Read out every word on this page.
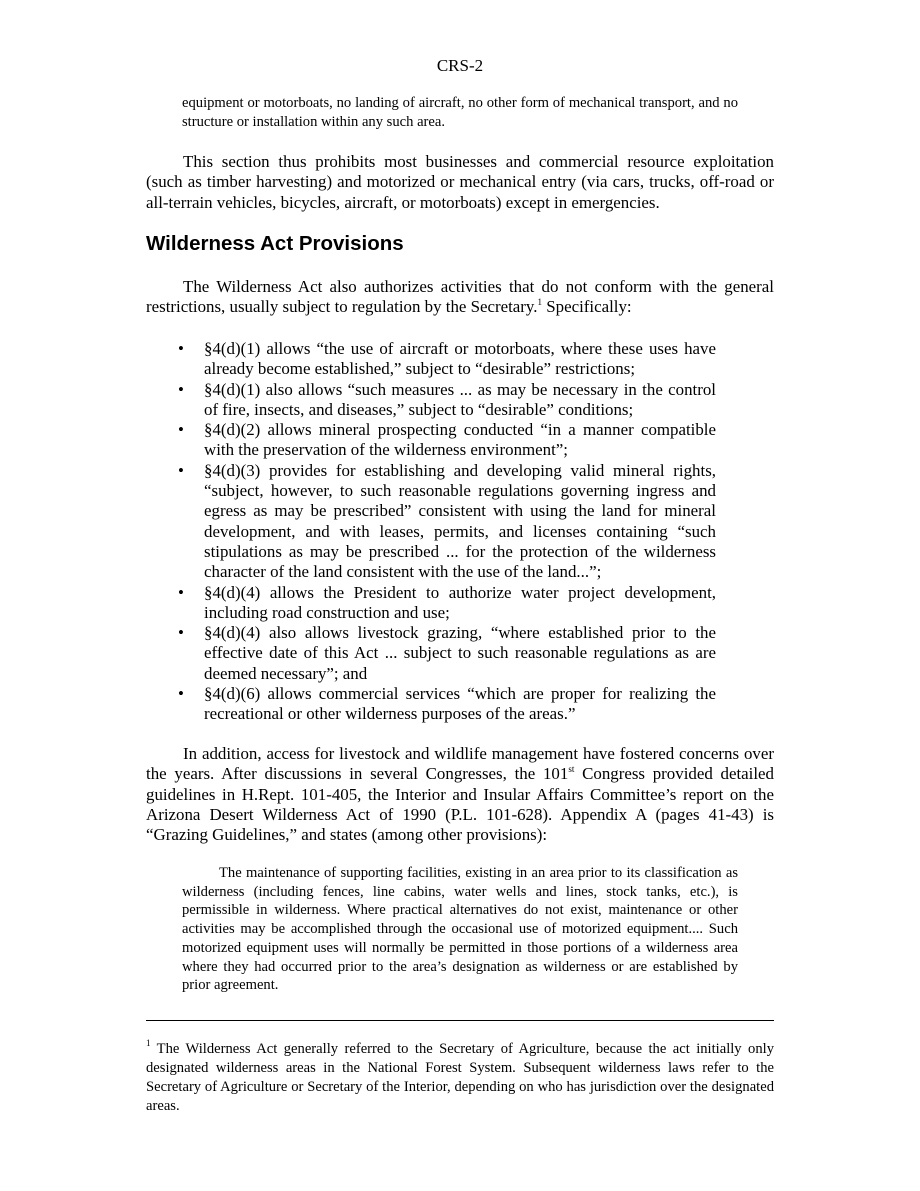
CRS-2
equipment or motorboats, no landing of aircraft, no other form of mechanical transport, and no structure or installation within any such area.

This section thus prohibits most businesses and commercial resource exploitation (such as timber harvesting) and motorized or mechanical entry (via cars, trucks, off-road or all-terrain vehicles, bicycles, aircraft, or motorboats) except in emergencies.

Wilderness Act Provisions

The Wilderness Act also authorizes activities that do not conform with the general restrictions, usually subject to regulation by the Secretary.$^1$ Specifically:

• §4(d)(1) allows “the use of aircraft or motorboats, where these uses have already become established,” subject to “desirable” restrictions;
• §4(d)(1) also allows “such measures ... as may be necessary in the control of fire, insects, and diseases,” subject to “desirable” conditions;
• §4(d)(2) allows mineral prospecting conducted “in a manner compatible with the preservation of the wilderness environment”;
• §4(d)(3) provides for establishing and developing valid mineral rights, “subject, however, to such reasonable regulations governing ingress and egress as may be prescribed” consistent with using the land for mineral development, and with leases, permits, and licenses containing “such stipulations as may be prescribed ... for the protection of the wilderness character of the land consistent with the use of the land...”;
• §4(d)(4) allows the President to authorize water project development, including road construction and use;
• §4(d)(4) also allows livestock grazing, “where established prior to the effective date of this Act ... subject to such reasonable regulations as are deemed necessary”; and
• §4(d)(6) allows commercial services “which are proper for realizing the recreational or other wilderness purposes of the areas.”

In addition, access for livestock and wildlife management have fostered concerns over the years. After discussions in several Congresses, the 101st Congress provided detailed guidelines in H.Rept. 101-405, the Interior and Insular Affairs Committee’s report on the Arizona Desert Wilderness Act of 1990 (P.L. 101-628). Appendix A (pages 41-43) is “Grazing Guidelines,” and states (among other provisions):

The maintenance of supporting facilities, existing in an area prior to its classification as wilderness (including fences, line cabins, water wells and lines, stock tanks, etc.), is permissible in wilderness. Where practical alternatives do not exist, maintenance or other activities may be accomplished through the occasional use of motorized equipment.... Such motorized equipment uses will normally be permitted in those portions of a wilderness area where they had occurred prior to the area’s designation as wilderness or are established by prior agreement.
$^1$ The Wilderness Act generally referred to the Secretary of Agriculture, because the act initially only designated wilderness areas in the National Forest System. Subsequent wilderness laws refer to the Secretary of Agriculture or Secretary of the Interior, depending on who has jurisdiction over the designated areas.
